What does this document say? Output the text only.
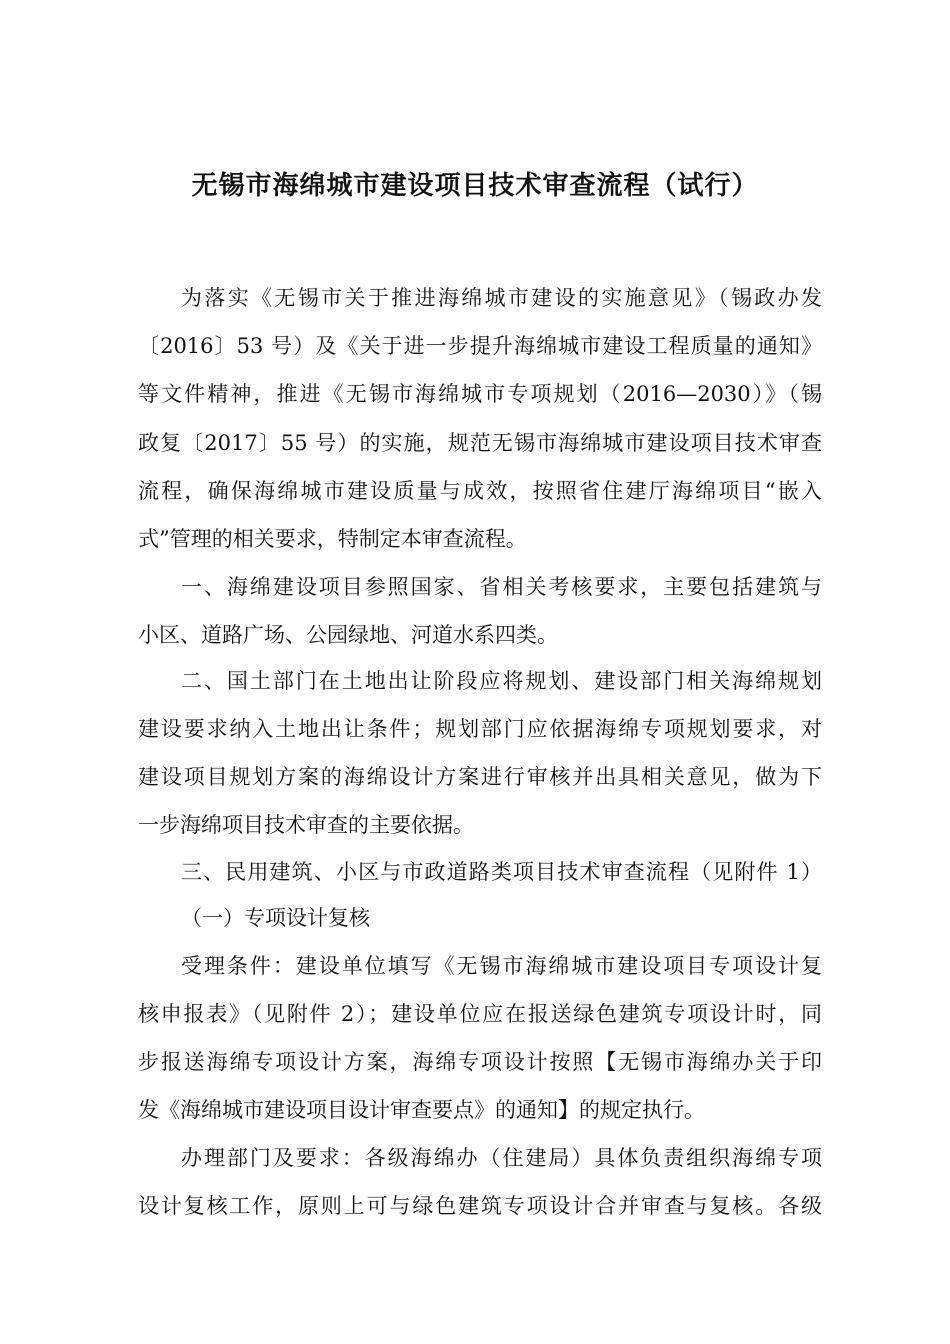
无锡市海绵城市建设项目技术审查流程（试行）

为落实《无锡市关于推进海绵城市建设的实施意见》（锡政办发

〔2016〕53 号）及《关于进一步提升海绵城市建设工程质量的通知》

等文件精神，推进《无锡市海绵城市专项规划（2016—2030）》（锡

政复〔2017〕55 号）的实施，规范无锡市海绵城市建设项目技术审查

流程，确保海绵城市建设质量与成效，按照省住建厅海绵项目“嵌入

式”管理的相关要求，特制定本审查流程。

一、海绵建设项目参照国家、省相关考核要求，主要包括建筑与

小区、道路广场、公园绿地、河道水系四类。

二、国土部门在土地出让阶段应将规划、建设部门相关海绵规划

建设要求纳入土地出让条件；规划部门应依据海绵专项规划要求，对

建设项目规划方案的海绵设计方案进行审核并出具相关意见，做为下

一步海绵项目技术审查的主要依据。

三、民用建筑、小区与市政道路类项目技术审查流程（见附件 1）

（一）专项设计复核

受理条件：建设单位填写《无锡市海绵城市建设项目专项设计复

核申报表》（见附件 2）；建设单位应在报送绿色建筑专项设计时，同

步报送海绵专项设计方案，海绵专项设计按照【无锡市海绵办关于印

发《海绵城市建设项目设计审查要点》的通知】的规定执行。

办理部门及要求：各级海绵办（住建局）具体负责组织海绵专项

设计复核工作，原则上可与绿色建筑专项设计合并审查与复核。各级
